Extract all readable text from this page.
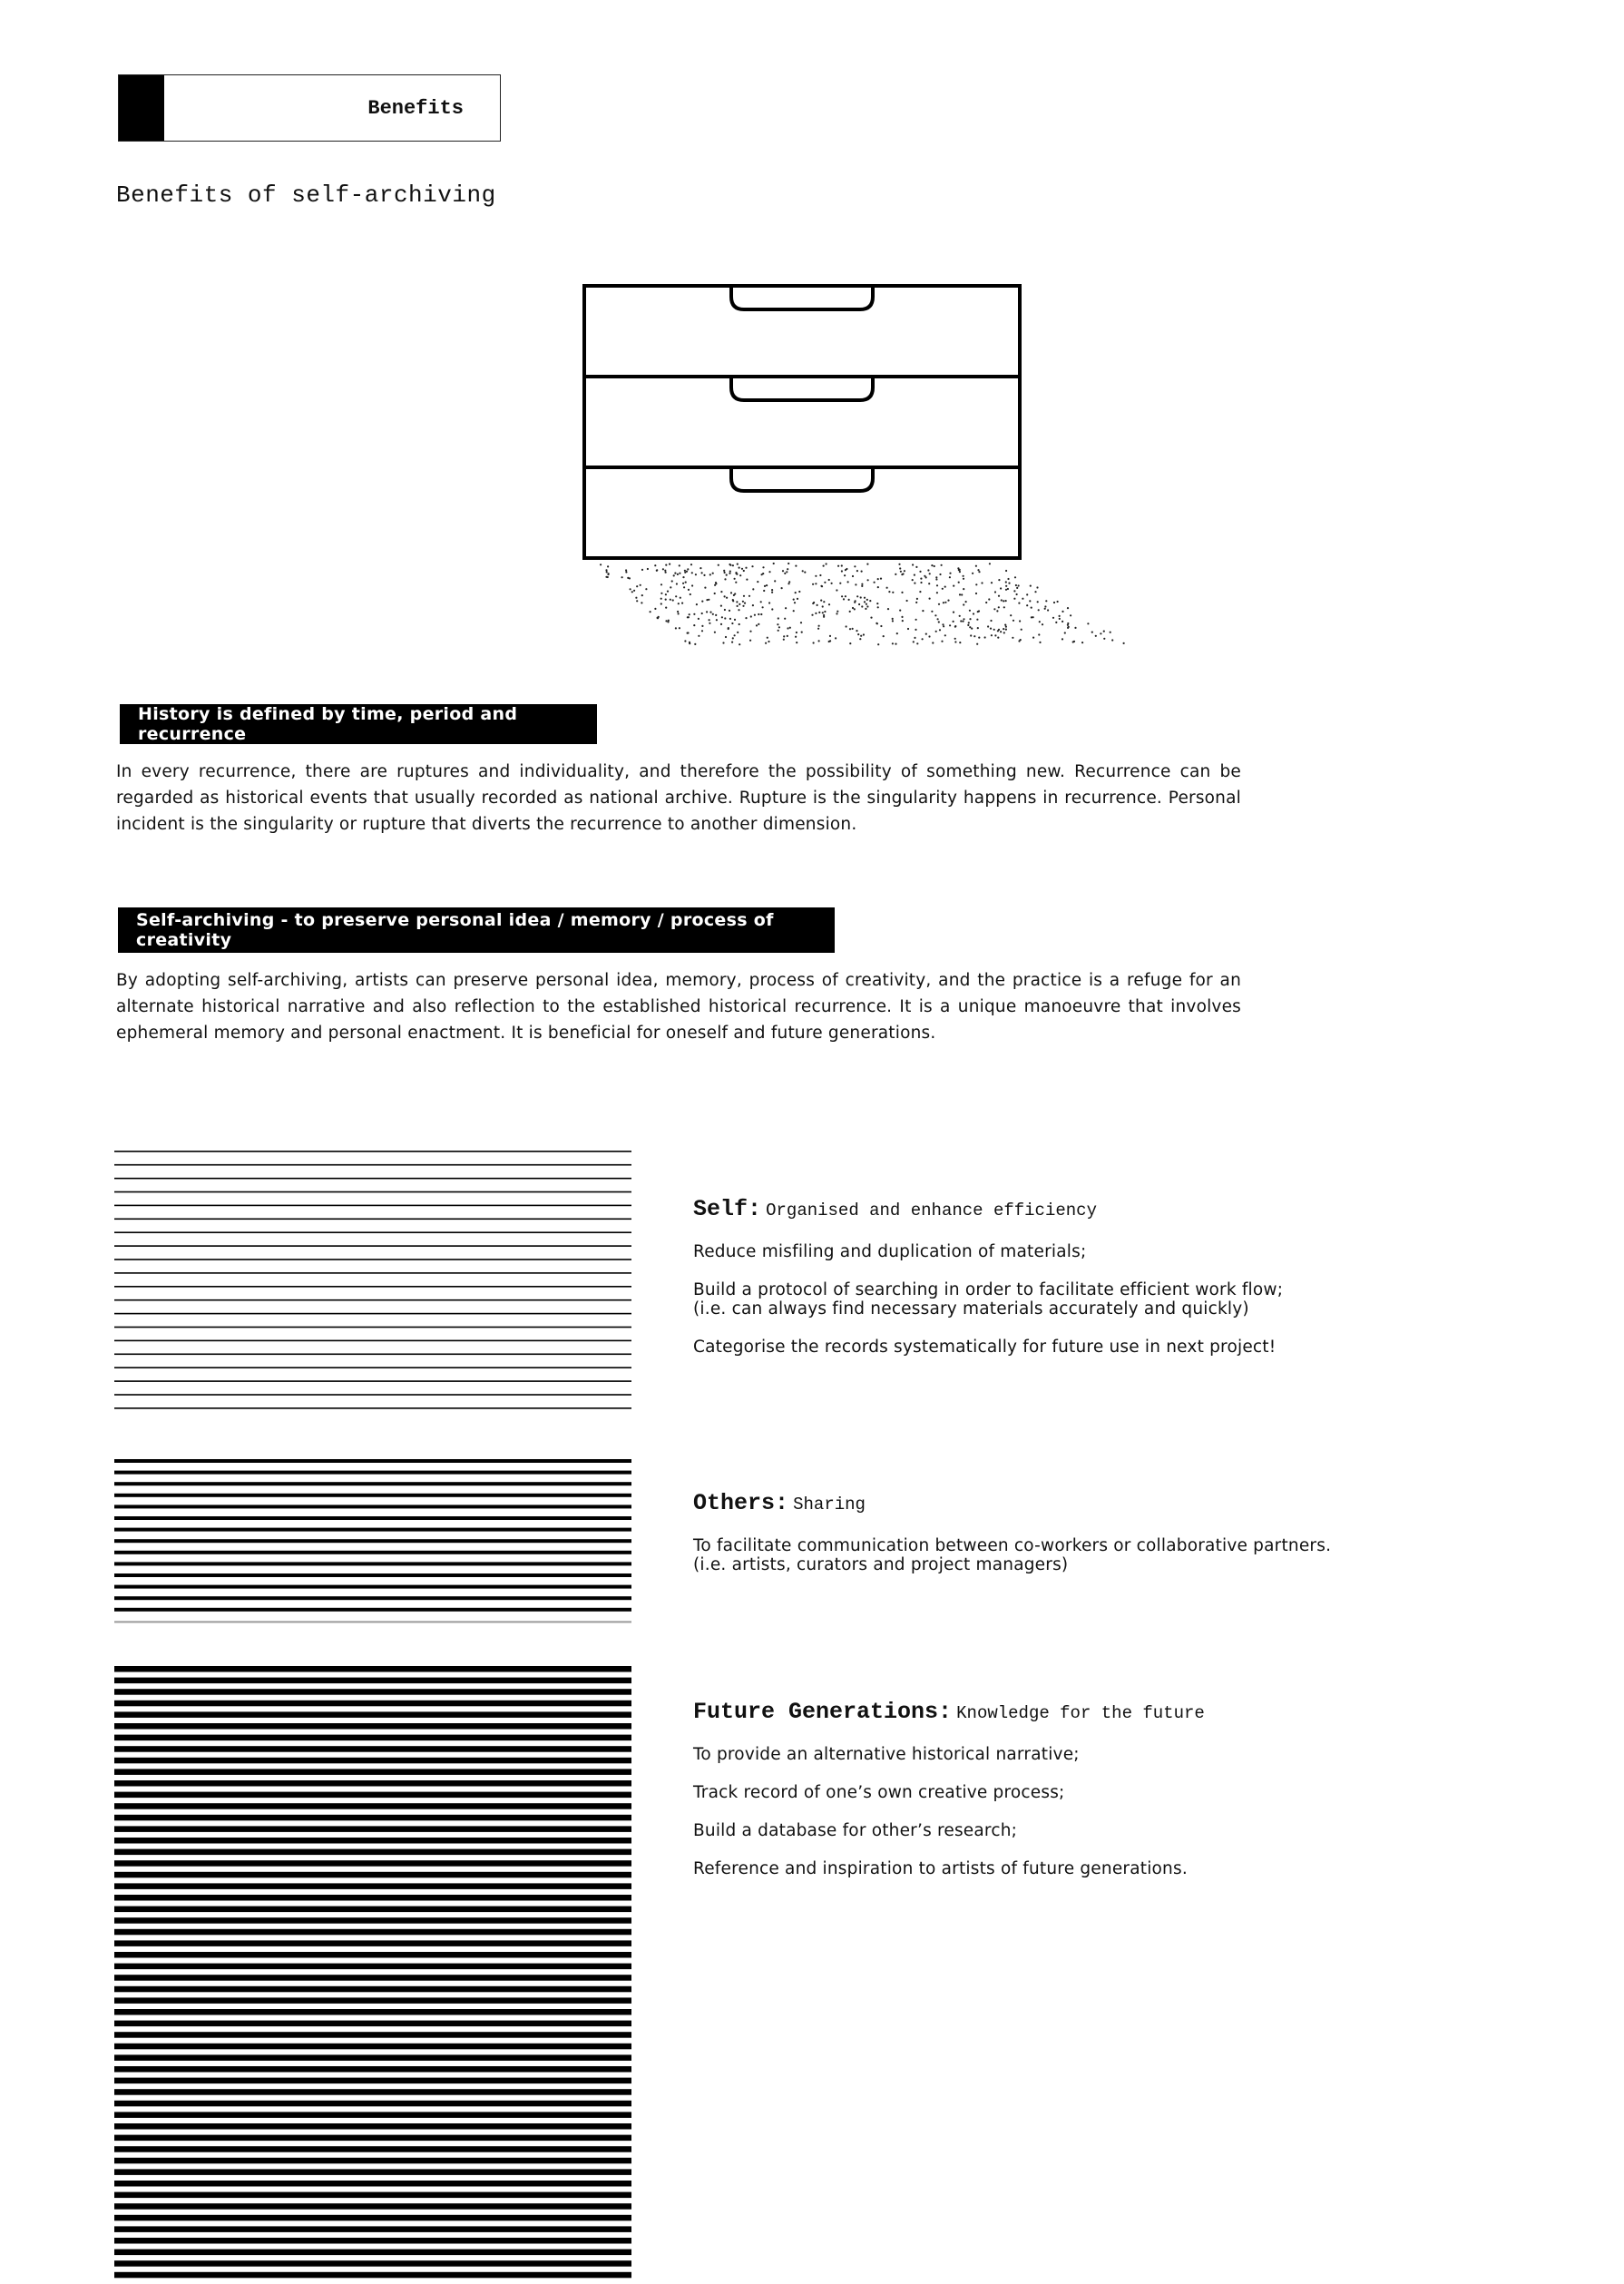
Benefits
Benefits of self-archiving
History is defined by time, period and recurrence

In every recurrence, there are ruptures and individuality, and therefore the possibility of something new. Recurrence can be regarded as historical events that usually recorded as national archive. Rupture is the singularity happens in recurrence. Personal incident is the singularity or rupture that diverts the recurrence to another dimension.

Self-archiving - to preserve personal idea / memory / process of creativity

By adopting self-archiving, artists can preserve personal idea, memory, process of creativity, and the practice is a refuge for an alternate historical narrative and also reflection to the established historical recurrence. It is a unique manoeuvre that involves ephemeral memory and personal enactment. It is beneficial for oneself and future generations.

Self: Organised and enhance efficiency

Reduce misfiling and duplication of materials;
Build a protocol of searching in order to facilitate efficient work flow;
(i.e. can always find necessary materials accurately and quickly)
Categorise the records systematically for future use in next project!

Others: Sharing

To facilitate communication between co-workers or collaborative partners.
(i.e. artists, curators and project managers)

Future Generations: Knowledge for the future

To provide an alternative historical narrative;
Track record of one’s own creative process;
Build a database for other’s research;
Reference and inspiration to artists of future generations.
